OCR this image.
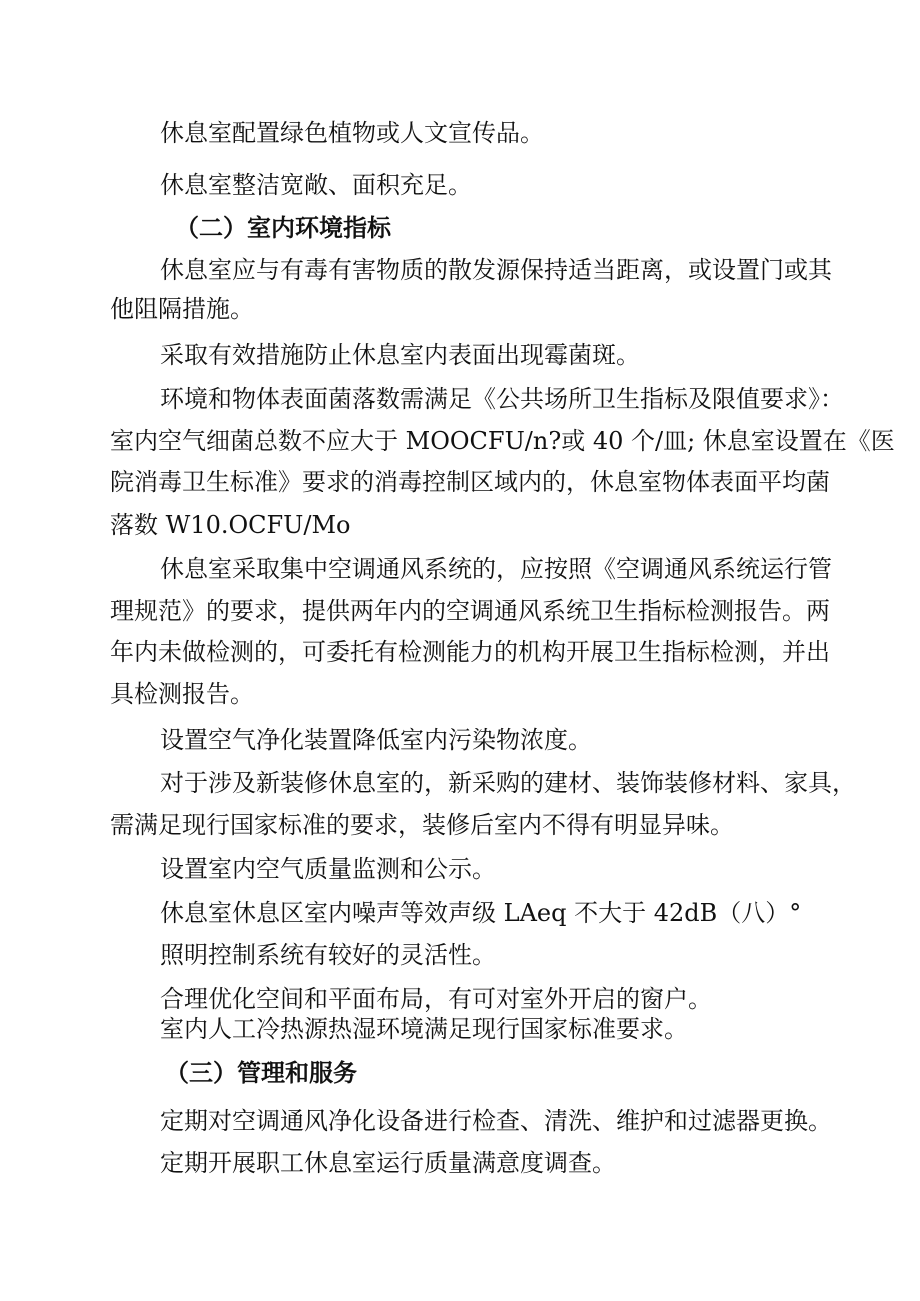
休息室配置绿色植物或人文宣传品。
休息室整洁宽敞、面积充足。
（二）室内环境指标
休息室应与有毒有害物质的散发源保持适当距离，或设置门或其
他阻隔措施。
采取有效措施防止休息室内表面出现霉菌斑。
环境和物体表面菌落数需满足《公共场所卫生指标及限值要求》：
室内空气细菌总数不应大于 MOOCFU/n?或 40 个/皿; 休息室设置在《医
院消毒卫生标准》要求的消毒控制区域内的，休息室物体表面平均菌
落数 W10.OCFU/Mo
休息室采取集中空调通风系统的，应按照《空调通风系统运行管
理规范》的要求，提供两年内的空调通风系统卫生指标检测报告。两
年内未做检测的，可委托有检测能力的机构开展卫生指标检测，并出
具检测报告。
设置空气净化装置降低室内污染物浓度。
对于涉及新装修休息室的，新采购的建材、装饰装修材料、家具，
需满足现行国家标准的要求，装修后室内不得有明显异味。
设置室内空气质量监测和公示。
休息室休息区室内噪声等效声级 LAeq 不大于 42dB（八）°
照明控制系统有较好的灵活性。
合理优化空间和平面布局，有可对室外开启的窗户。
室内人工冷热源热湿环境满足现行国家标准要求。
（三）管理和服务
定期对空调通风净化设备进行检查、清洗、维护和过滤器更换。
定期开展职工休息室运行质量满意度调查。
